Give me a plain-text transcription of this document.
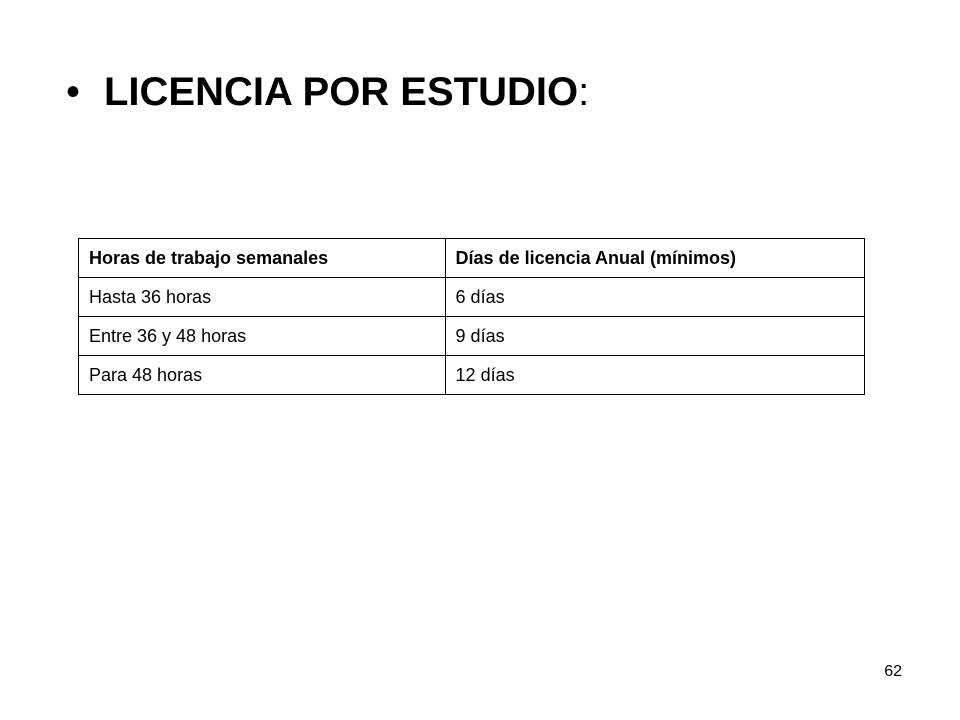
• LICENCIA POR ESTUDIO :
Horas de trabajo semanales	Días de licencia Anual (mínimos)
Hasta 36 horas	6 días
Entre 36 y 48 horas	9 días
Para 48 horas	12 días
62
